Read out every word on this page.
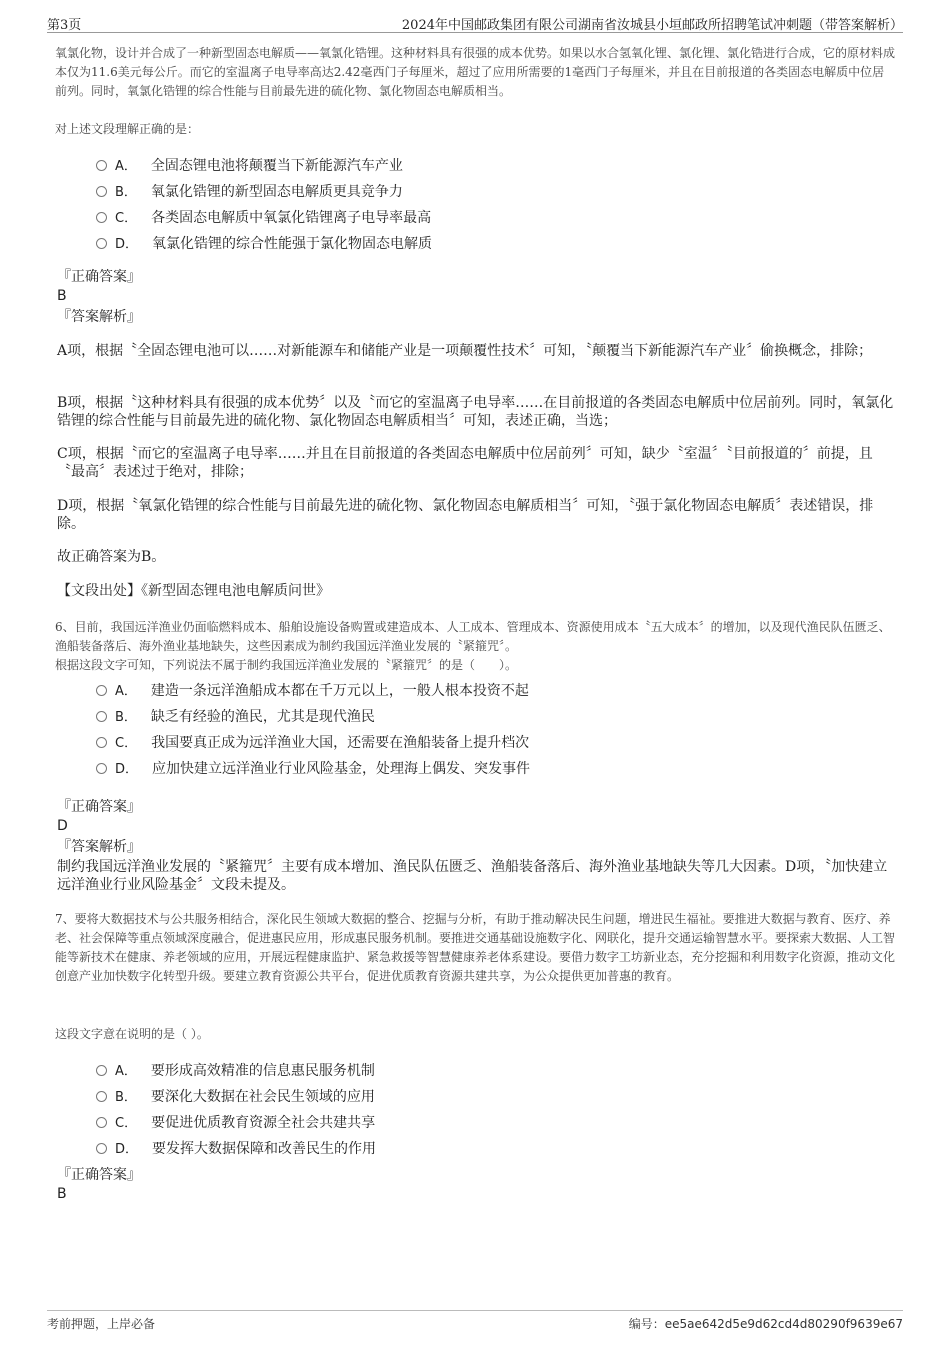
第3页	2024年中国邮政集团有限公司湖南省汝城县小垣邮政所招聘笔试冲刺题（带答案解析）

氧氯化物，设计并合成了一种新型固态电解质——氧氯化锆锂。这种材料具有很强的成本优势。如果以水合氢氧化锂、氯化锂、氯化锆进行合成，它的原材料成本仅为11.6美元每公斤。而它的室温离子电导率高达2.42毫西门子每厘米，超过了应用所需要的1毫西门子每厘米，并且在目前报道的各类固态电解质中位居前列。同时，氧氯化锆锂的综合性能与目前最先进的硫化物、氯化物固态电解质相当。

对上述文段理解正确的是：

A． 全固态锂电池将颠覆当下新能源汽车产业
B． 氧氯化锆锂的新型固态电解质更具竞争力
C． 各类固态电解质中氧氯化锆锂离子电导率最高
D． 氧氯化锆锂的综合性能强于氯化物固态电解质

『正确答案』

B

『答案解析』

A项，根据〝全固态锂电池可以……对新能源车和储能产业是一项颠覆性技术〞可知，〝颠覆当下新能源汽车产业〞偷换概念，排除；

B项，根据〝这种材料具有很强的成本优势〞以及〝而它的室温离子电导率……在目前报道的各类固态电解质中位居前列。同时，氧氯化锆锂的综合性能与目前最先进的硫化物、氯化物固态电解质相当〞可知，表述正确，当选；

C项，根据〝而它的室温离子电导率……并且在目前报道的各类固态电解质中位居前列〞可知，缺少〝室温〞〝目前报道的〞前提，且〝最高〞表述过于绝对，排除；

D项，根据〝氧氯化锆锂的综合性能与目前最先进的硫化物、氯化物固态电解质相当〞可知，〝强于氯化物固态电解质〞表述错误，排除。

故正确答案为B。

【文段出处】《新型固态锂电池电解质问世》

6、目前，我国远洋渔业仍面临燃料成本、船舶设施设备购置或建造成本、人工成本、管理成本、资源使用成本〝五大成本〞的增加，以及现代渔民队伍匮乏、渔船装备落后、海外渔业基地缺失，这些因素成为制约我国远洋渔业发展的〝紧箍咒〞。

根据这段文字可知，下列说法不属于制约我国远洋渔业发展的〝紧箍咒〞的是（　　）。

A． 建造一条远洋渔船成本都在千万元以上，一般人根本投资不起
B． 缺乏有经验的渔民，尤其是现代渔民
C． 我国要真正成为远洋渔业大国，还需要在渔船装备上提升档次
D． 应加快建立远洋渔业行业风险基金，处理海上偶发、突发事件

『正确答案』

D

『答案解析』

制约我国远洋渔业发展的〝紧箍咒〞主要有成本增加、渔民队伍匮乏、渔船装备落后、海外渔业基地缺失等几大因素。D项，〝加快建立远洋渔业行业风险基金〞文段未提及。

7、要将大数据技术与公共服务相结合，深化民生领域大数据的整合、挖掘与分析，有助于推动解决民生问题，增进民生福祉。要推进大数据与教育、医疗、养老、社会保障等重点领域深度融合，促进惠民应用，形成惠民服务机制。要推进交通基础设施数字化、网联化，提升交通运输智慧水平。要探索大数据、人工智能等新技术在健康、养老领域的应用，开展远程健康监护、紧急救援等智慧健康养老体系建设。要借力数字工坊新业态，充分挖掘和利用数字化资源，推动文化创意产业加快数字化转型升级。要建立教育资源公共平台，促进优质教育资源共建共享，为公众提供更加普惠的教育。

这段文字意在说明的是（ ）。

A． 要形成高效精准的信息惠民服务机制
B． 要深化大数据在社会民生领域的应用
C． 要促进优质教育资源全社会共建共享
D． 要发挥大数据保障和改善民生的作用

『正确答案』

B

考前押题，上岸必备	编号：ee5ae642d5e9d62cd4d80290f9639e67
